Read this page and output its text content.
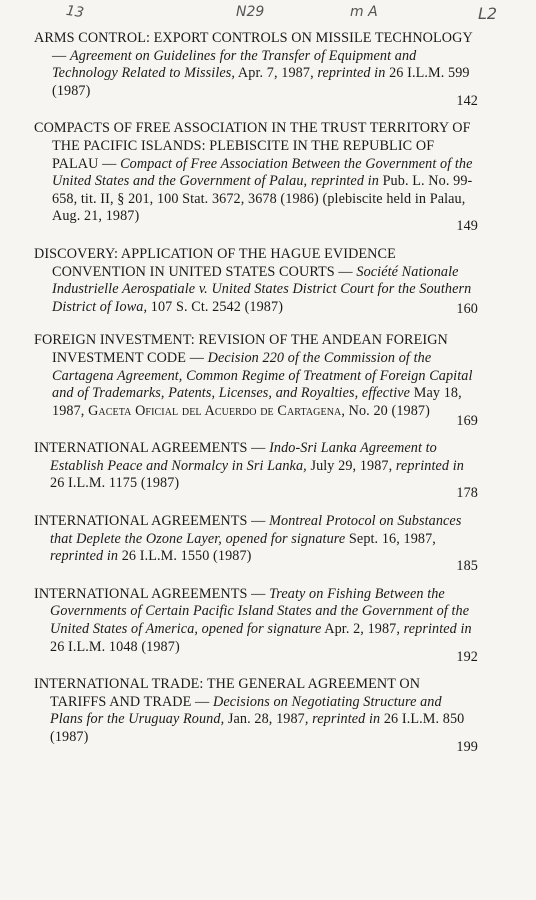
13	N29	m A	L2
ARMS CONTROL: EXPORT CONTROLS ON MISSILE TECHNOLOGY — Agreement on Guidelines for the Transfer of Equipment and Technology Related to Missiles, Apr. 7, 1987, reprinted in 26 I.L.M. 599 (1987)
142
COMPACTS OF FREE ASSOCIATION IN THE TRUST TERRITORY OF THE PACIFIC ISLANDS: PLEBISCITE IN THE REPUBLIC OF PALAU — Compact of Free Association Between the Government of the United States and the Government of Palau, reprinted in Pub. L. No. 99-658, tit. II, § 201, 100 Stat. 3672, 3678 (1986) (plebiscite held in Palau, Aug. 21, 1987)
149
DISCOVERY: APPLICATION OF THE HAGUE EVIDENCE CONVENTION IN UNITED STATES COURTS — Société Nationale Industrielle Aerospatiale v. United States District Court for the Southern District of Iowa, 107 S. Ct. 2542 (1987)	160
FOREIGN INVESTMENT: REVISION OF THE ANDEAN FOREIGN INVESTMENT CODE — Decision 220 of the Commission of the Cartagena Agreement, Common Regime of Treatment of Foreign Capital and of Trademarks, Patents, Licenses, and Royalties, effective May 18, 1987, Gaceta Oficial del Acuerdo de Cartagena, No. 20 (1987)
169
INTERNATIONAL AGREEMENTS — Indo-Sri Lanka Agreement to Establish Peace and Normalcy in Sri Lanka, July 29, 1987, reprinted in 26 I.L.M. 1175 (1987)
178
INTERNATIONAL AGREEMENTS — Montreal Protocol on Substances that Deplete the Ozone Layer, opened for signature Sept. 16, 1987, reprinted in 26 I.L.M. 1550 (1987)
185
INTERNATIONAL AGREEMENTS — Treaty on Fishing Between the Governments of Certain Pacific Island States and the Government of the United States of America, opened for signature Apr. 2, 1987, reprinted in 26 I.L.M. 1048 (1987)
192
INTERNATIONAL TRADE: THE GENERAL AGREEMENT ON TARIFFS AND TRADE — Decisions on Negotiating Structure and Plans for the Uruguay Round, Jan. 28, 1987, reprinted in 26 I.L.M. 850 (1987)
199
